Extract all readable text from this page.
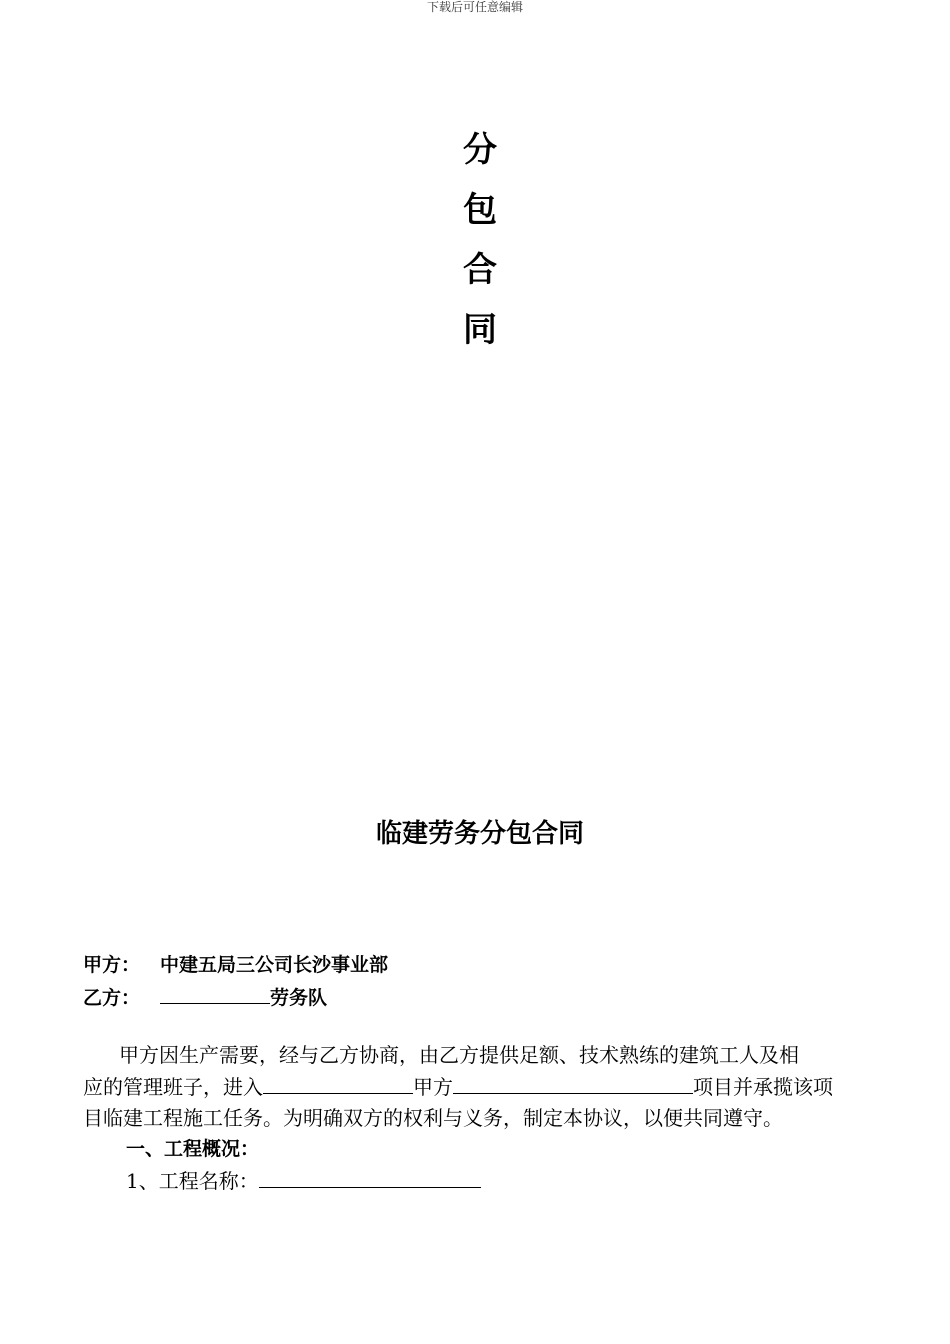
下载后可任意编辑
分
包
合
同
临建劳务分包合同
甲方： 中建五局三公司长沙事业部
乙方：	劳务队
甲方因生产需要，经与乙方协商，由乙方提供足额、技术熟练的建筑工人及相
应的管理班子，进入	甲方	项目并承揽该项
目临建工程施工任务。为明确双方的权利与义务，制定本协议，以便共同遵守。
一、工程概况：
1、工程名称：
